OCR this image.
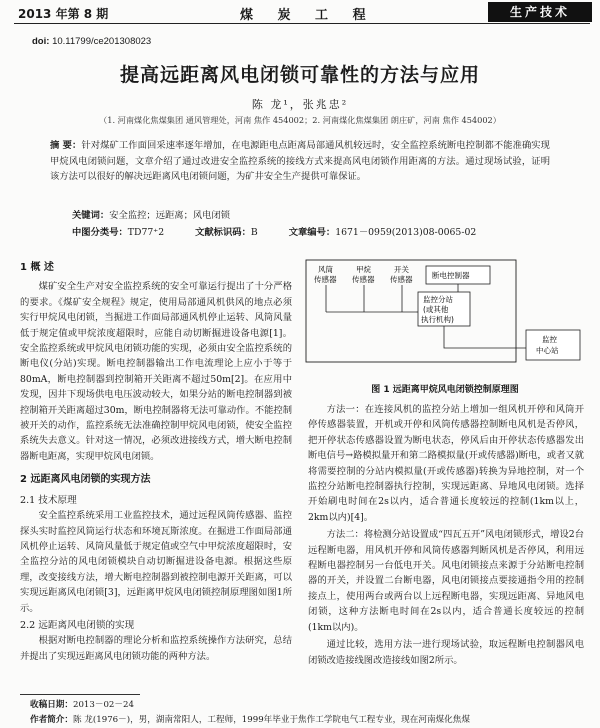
2013 年第 8 期	煤 炭 工 程	生产技术
doi: 10.11799/ce201308023
提高远距离风电闭锁可靠性的方法与应用
陈 龙¹，张兆忠²
（1. 河南煤化焦煤集团 通风管理处，河南 焦作 454002；2. 河南煤化焦煤集团 朗庄矿，河南 焦作 454002）
摘 要：针对煤矿工作面回采速率逐年增加，在电源距电点距离局部通风机较远时，安全监控系统断电控制都不能准确实现甲烷风电闭锁问题，文章介绍了通过改进安全监控系统的接线方式来提高风电闭锁作用距离的方法。通过现场试验，证明该方法可以很好的解决远距离风电闭锁问题，为矿井安全生产提供可靠保证。
关键词：安全监控；远距离；风电闭锁
中图分类号：TD77⁺2	文献标识码：B	文章编号：1671－0959(2013)08-0065-02

1 概 述

煤矿安全生产对安全监控系统的安全可靠运行提出了十分严格的要求。《煤矿安全规程》规定，使用局部通风机供风的地点必须实行甲烷风电闭锁，当掘进工作面局部通风机停止运转、风筒风量低于规定值或甲烷浓度超限时，应能自动切断掘进设备电源[1]。安全监控系统或甲烷风电闭锁功能的实现，必须由安全监控系统的断电仪(分站)实现。断电控制器输出工作电流理论上应小于等于80mA，断电控制器到控制箱开关距离不超过50m[2]。在应用中发现，因井下现场供电电压波动较大，如果分站的断电控制器到被控制箱开关距离超过30m，断电控制器将无法可靠动作。不能控制被开关的动作，监控系统无法准确控制甲烷风电闭锁，使安全监控系统失去意义。针对这一情况，必须改进接线方式，增大断电控制器断电距离，实现甲烷风电闭锁。

2 远距离风电闭锁的实现方法

2.1 技术原理

安全监控系统采用工业监控技术，通过远程风筒传感器、监控探头实时监控风筒运行状态和环境瓦斯浓度。在掘进工作面局部通风机停止运转、风筒风量低于规定值或空气中甲烷浓度超限时，安全监控分站的风电闭锁模块自动切断掘进设备电源。根据这些原理，改变接线方法，增大断电控制器到被控制电源开关距离，可以实现远距离风电闭锁[3]，远距离甲烷风电闭锁控制原理图如图1所示。

2.2 远距离风电闭锁的实现

根据对断电控制器的理论分析和监控系统操作方法研究，总结并提出了实现远距离风电闭锁功能的两种方法。

风筒
传感器
甲烷
传感器
开关
传感器	断电控制器
监控分站
(或其他
执行机构)
监控
中心站
图 1 远距离甲烷风电闭锁控制原理图

方法一：在连接风机的监控分站上增加一组风机开停和风筒开停传感器装置，开机或开停和风筒传感器控制断电风机是否停风，把开停状态传感器设置为断电状态，停风后由开停状态传感器发出断电信号→路模拟量开和第二路模拟量(开或传感器)断电，或者又就将需要控制的分站内模拟量(开或传感器)转换为异地控制，对一个监控分站断电控制器执行控制，实现远距离、异地风电闭锁。选择开始刷电时间在2s以内，适合普通长度较远的控制(1km以上，2km以内)[4]。

方法二：将检测分站设置成“四瓦五开”风电闭锁形式，增设2台远程断电器，用风机开停和风筒传感器判断风机是否停风，利用远程断电器控制另一台低电开关。风电闭锁接点来源于分站断电控制器的开关，并设置二台断电器，风电闭锁接点要接通指令用的控制接点上，使用两台或两台以上远程断电器，实现远距离、异地风电闭锁，这种方法断电时间在2s以内，适合普通长度较远的控制(1km以内)。

通过比较，选用方法一进行现场试验，取远程断电控制器风电闭锁改造接线图改造接线如图2所示。

收稿日期：2013－02－24
作者简介：陈 龙(1976－)，男，湖南常阳人，工程师，1999年毕业于焦作工学院电气工程专业，现在河南煤化焦煤
